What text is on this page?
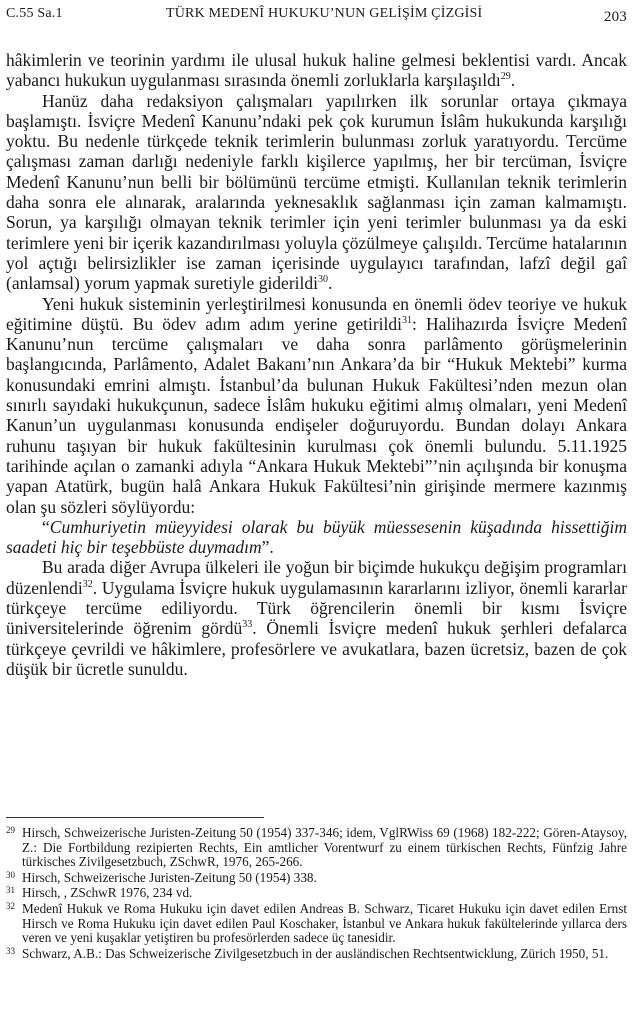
C.55 Sa.1	TÜRK MEDENÎ HUKUKU’NUN GELİŞİM ÇİZGİSİ	203

hâkimlerin ve teorinin yardımı ile ulusal hukuk haline gelmesi beklentisi vardı. Ancak yabancı hukukun uygulanması sırasında önemli zorluklarla karşılaşıldı$^{29}$.

Hanüz daha redaksiyon çalışmaları yapılırken ilk sorunlar ortaya çıkmaya başlamıştı. İsviçre Medenî Kanunu’ndaki pek çok kurumun İslâm hukukunda karşılığı yoktu. Bu nedenle türkçede teknik terimlerin bulunması zorluk yaratıyordu. Tercüme çalışması zaman darlığı nedeniyle farklı kişilerce yapılmış, her bir tercüman, İsviçre Medenî Kanunu’nun belli bir bölümünü tercüme etmişti. Kullanılan teknik terimlerin daha sonra ele alınarak, aralarında yeknesaklık sağlanması için zaman kalmamıştı. Sorun, ya karşılığı olmayan teknik terimler için yeni terimler bulunması ya da eski terimlere yeni bir içerik kazandırılması yoluyla çözülmeye çalışıldı. Tercüme hatalarının yol açtığı belirsizlikler ise zaman içerisinde uygulayıcı tarafından, lafzî değil gaî (anlamsal) yorum yapmak suretiyle giderildi$^{30}$.

Yeni hukuk sisteminin yerleştirilmesi konusunda en önemli ödev teoriye ve hukuk eğitimine düştü. Bu ödev adım adım yerine getirildi$^{31}$: Halihazırda İsviçre Medenî Kanunu’nun tercüme çalışmaları ve daha sonra parlâmento görüşmelerinin başlangıcında, Parlâmento, Adalet Bakanı’nın Ankara’da bir “Hukuk Mektebi” kurma konusundaki emrini almıştı. İstanbul’da bulunan Hukuk Fakültesi’nden mezun olan sınırlı sayıdaki hukukçunun, sadece İslâm hukuku eğitimi almış olmaları, yeni Medenî Kanun’un uygulanması konusunda endişeler doğuruyordu. Bundan dolayı Ankara ruhunu taşıyan bir hukuk fakültesinin kurulması çok önemli bulundu. 5.11.1925 tarihinde açılan o zamanki adıyla “Ankara Hukuk Mektebi”’nin açılışında bir konuşma yapan Atatürk, bugün halâ Ankara Hukuk Fakültesi’nin girişinde mermere kazınmış olan şu sözleri söylüyordu:

“Cumhuriyetin müeyyidesi olarak bu büyük müessesenin küşadında hissettiğim saadeti hiç bir teşebbüste duymadım”.

Bu arada diğer Avrupa ülkeleri ile yoğun bir biçimde hukukçu değişim programları düzenlendi$^{32}$. Uygulama İsviçre hukuk uygulamasının kararlarını izliyor, önemli kararlar türkçeye tercüme ediliyordu. Türk öğrencilerin önemli bir kısmı İsviçre üniversitelerinde öğrenim gördü$^{33}$. Önemli İsviçre medenî hukuk şerhleri defalarca türkçeye çevrildi ve hâkimlere, profesörlere ve avukatlara, bazen ücretsiz, bazen de çok düşük bir ücretle sunuldu.

29 Hirsch, Schweizerische Juristen-Zeitung 50 (1954) 337-346; idem, VglRWiss 69 (1968) 182-222; Gören-Ataysoy, Z.: Die Fortbildung rezipierten Rechts, Ein amtlicher Vorentwurf zu einem türkischen Rechts, Fünfzig Jahre türkisches Zivilgesetzbuch, ZSchwR, 1976, 265-266.
30 Hirsch, Schweizerische Juristen-Zeitung 50 (1954) 338.
31 Hirsch, , ZSchwR 1976, 234 vd.
32 Medenî Hukuk ve Roma Hukuku için davet edilen Andreas B. Schwarz, Ticaret Hukuku için davet edilen Ernst Hirsch ve Roma Hukuku için davet edilen Paul Koschaker, İstanbul ve Ankara hukuk fakültelerinde yıllarca ders veren ve yeni kuşaklar yetiştiren bu profesörlerden sadece üç tanesidir.
33 Schwarz, A.B.: Das Schweizerische Zivilgesetzbuch in der ausländischen Rechtsentwicklung, Zürich 1950, 51.
